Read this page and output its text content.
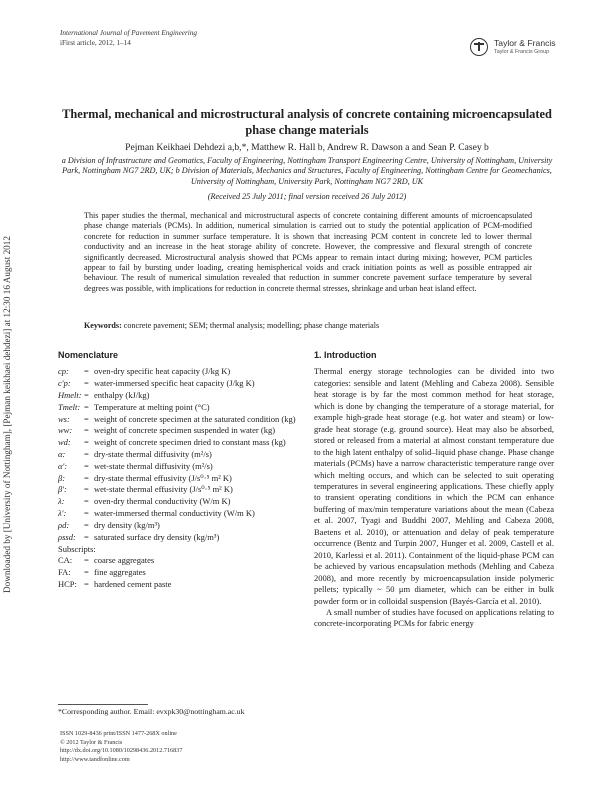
Downloaded by [University of Nottingham], [Pejman keikhaei dehdezi] at 12:30 16 August 2012
International Journal of Pavement Engineering
iFirst article, 2012, 1–14	Taylor & Francis
Taylor & Francis Group
Thermal, mechanical and microstructural analysis of concrete containing microencapsulated phase change materials
Pejman Keikhaei Dehdezi a,b,*, Matthew R. Hall b, Andrew R. Dawson a and Sean P. Casey b
a Division of Infrastructure and Geomatics, Faculty of Engineering, Nottingham Transport Engineering Centre, University of Nottingham, University Park, Nottingham NG7 2RD, UK; b Division of Materials, Mechanics and Structures, Faculty of Engineering, Nottingham Centre for Geomechanics, University of Nottingham, University Park, Nottingham NG7 2RD, UK
(Received 25 July 2011; final version received 26 July 2012)
This paper studies the thermal, mechanical and microstructural aspects of concrete containing different amounts of microencapsulated phase change materials (PCMs). In addition, numerical simulation is carried out to study the potential application of PCM-modified concrete for reduction in summer surface temperature. It is shown that increasing PCM content in concrete led to lower thermal conductivity and an increase in the heat storage ability of concrete. However, the compressive and flexural strength of concrete significantly decreased. Microstructural analysis showed that PCMs appear to remain intact during mixing; however, PCM particles appear to fail by bursting under loading, creating hemispherical voids and crack initiation points as well as possible entrapped air behaviour. The result of numerical simulation revealed that reduction in summer concrete pavement surface temperature by several degrees was possible, with implications for reduction in concrete thermal stresses, shrinkage and urban heat island effect.
Keywords: concrete pavement; SEM; thermal analysis; modelling; phase change materials
Nomenclature
cp:	= oven-dry specific heat capacity (J/kg K)
c'p:	= water-immersed specific heat capacity (J/kg K)
Hmelt: = enthalpy (kJ/kg)
Tmelt: = Temperature at melting point (°C)
ws:	= weight of concrete specimen at the saturated condition (kg)
ww:	= weight of concrete specimen suspended in water (kg)
wd:	= weight of concrete specimen dried to constant mass (kg)
α:	= dry-state thermal diffusivity (m²/s)
α':	= wet-state thermal diffusivity (m²/s)
β:	= dry-state thermal effusivity (J/s⁰·⁵ m² K)
β':	= wet-state thermal effusivity (J/s⁰·⁵ m² K)
λ:	= oven-dry thermal conductivity (W/m K)
λ':	= water-immersed thermal conductivity (W/m K)
ρd:	= dry density (kg/m³)
ρssd: = saturated surface dry density (kg/m³)
Subscripts:
CA:	= coarse aggregates
FA:	= fine aggregates
HCP: = hardened cement paste
1. Introduction

Thermal energy storage technologies can be divided into two categories: sensible and latent (Mehling and Cabeza 2008). Sensible heat storage is by far the most common method for heat storage, which is done by changing the temperature of a storage material, for example high-grade heat storage (e.g. hot water and steam) or low-grade heat storage (e.g. ground source). Heat may also be absorbed, stored or released from a material at almost constant temperature due to the high latent enthalpy of solid–liquid phase change. Phase change materials (PCMs) have a narrow characteristic temperature range over which melting occurs, and which can be selected to suit operating temperatures in several engineering applications. These chiefly apply to transient operating conditions in which the PCM can enhance buffering of max/min temperature variations about the mean (Cabeza et al. 2007, Tyagi and Buddhi 2007, Mehling and Cabeza 2008, Baetens et al. 2010), or attenuation and delay of peak temperature occurrence (Bentz and Turpin 2007, Hunger et al. 2009, Castell et al. 2010, Karlessi et al. 2011). Containment of the liquid-phase PCM can be achieved by various encapsulation methods (Mehling and Cabeza 2008), and more recently by microencapsulation inside polymeric pellets; typically ~ 50 μm diameter, which can be either in bulk powder form or in colloidal suspension (Bayés-García et al. 2010).

A small number of studies have focused on applications relating to concrete-incorporating PCMs for fabric energy

*Corresponding author. Email: evxpk30@nottingham.ac.uk
ISSN 1029-8436 print/ISSN 1477-268X online
© 2012 Taylor & Francis
http://dx.doi.org/10.1080/10298436.2012.716837
http://www.tandfonline.com
